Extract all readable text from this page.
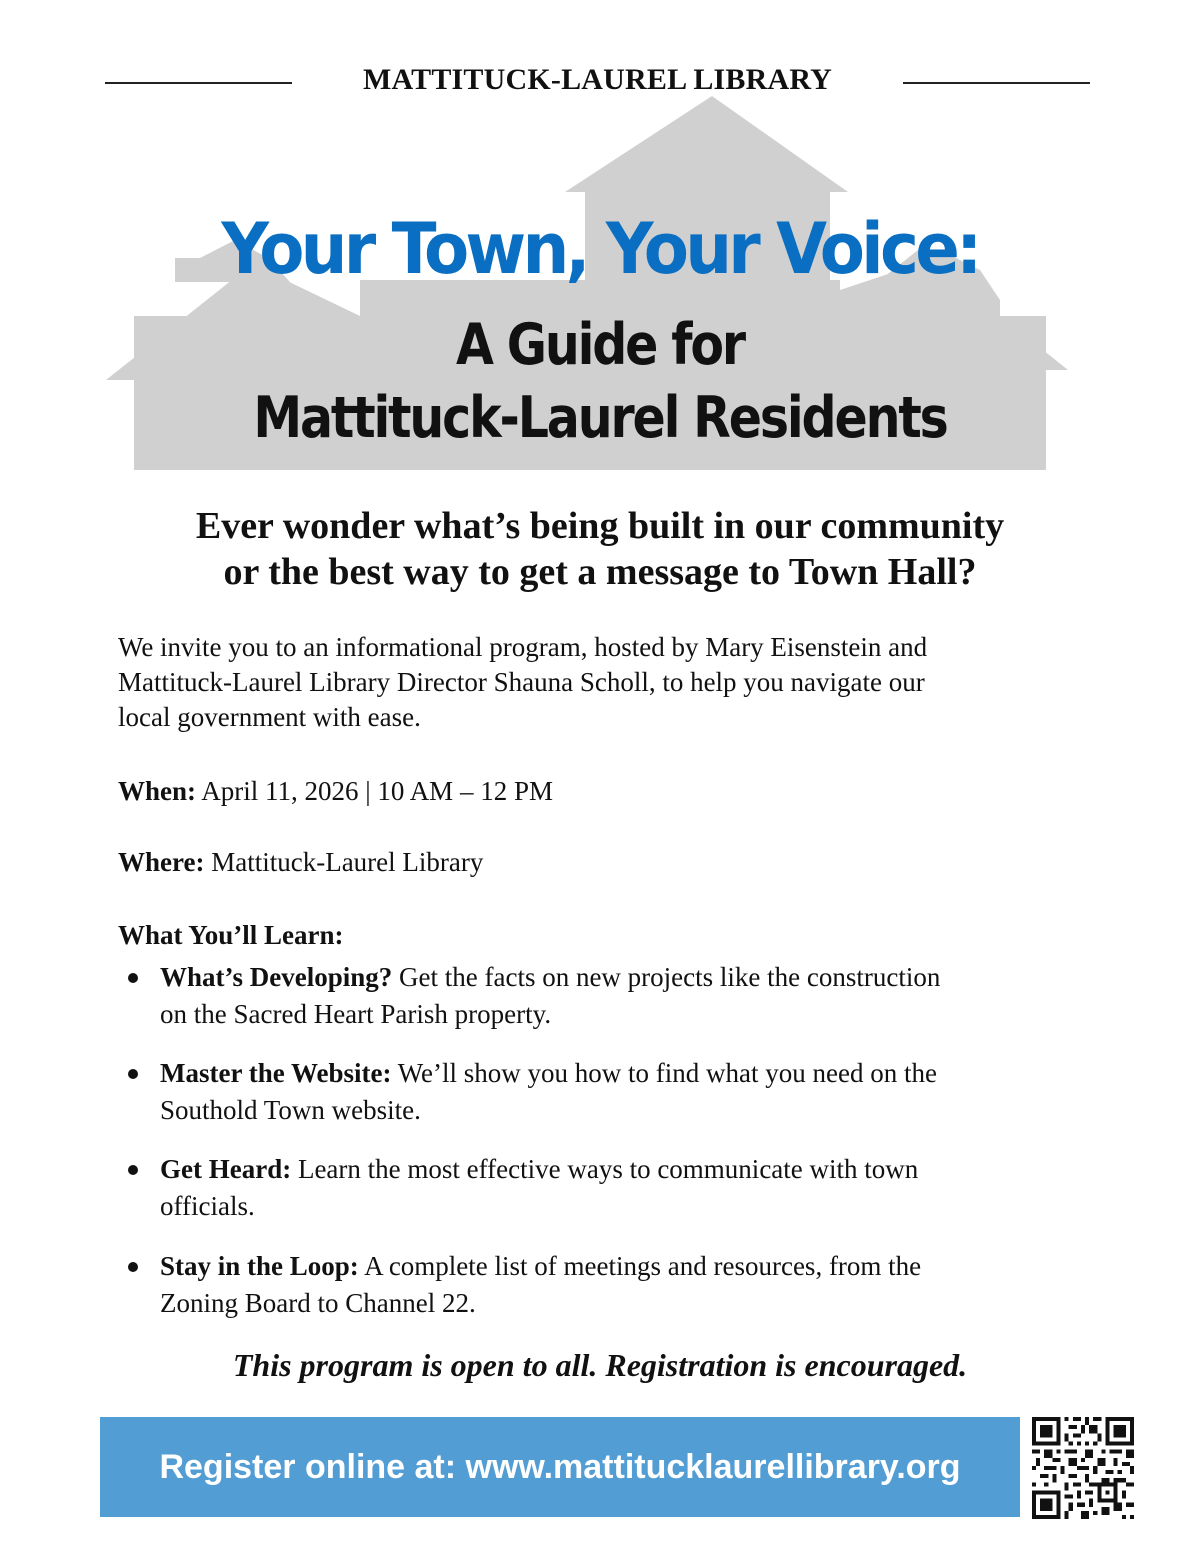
MATTITUCK-LAUREL LIBRARY
Your Town, Your Voice:
A Guide for
Mattituck-Laurel Residents
Ever wonder what’s being built in our community
or the best way to get a message to Town Hall?
We invite you to an informational program, hosted by Mary Eisenstein and
Mattituck-Laurel Library Director Shauna Scholl, to help you navigate our
local government with ease.
When: April 11, 2026 | 10 AM – 12 PM
Where: Mattituck-Laurel Library
What You’ll Learn:
What’s Developing? Get the facts on new projects like the construction
on the Sacred Heart Parish property.
Master the Website: We’ll show you how to find what you need on the
Southold Town website.
Get Heard: Learn the most effective ways to communicate with town
officials.
Stay in the Loop: A complete list of meetings and resources, from the
Zoning Board to Channel 22.
This program is open to all. Registration is encouraged.
Register online at: www.mattitucklaurellibrary.org
